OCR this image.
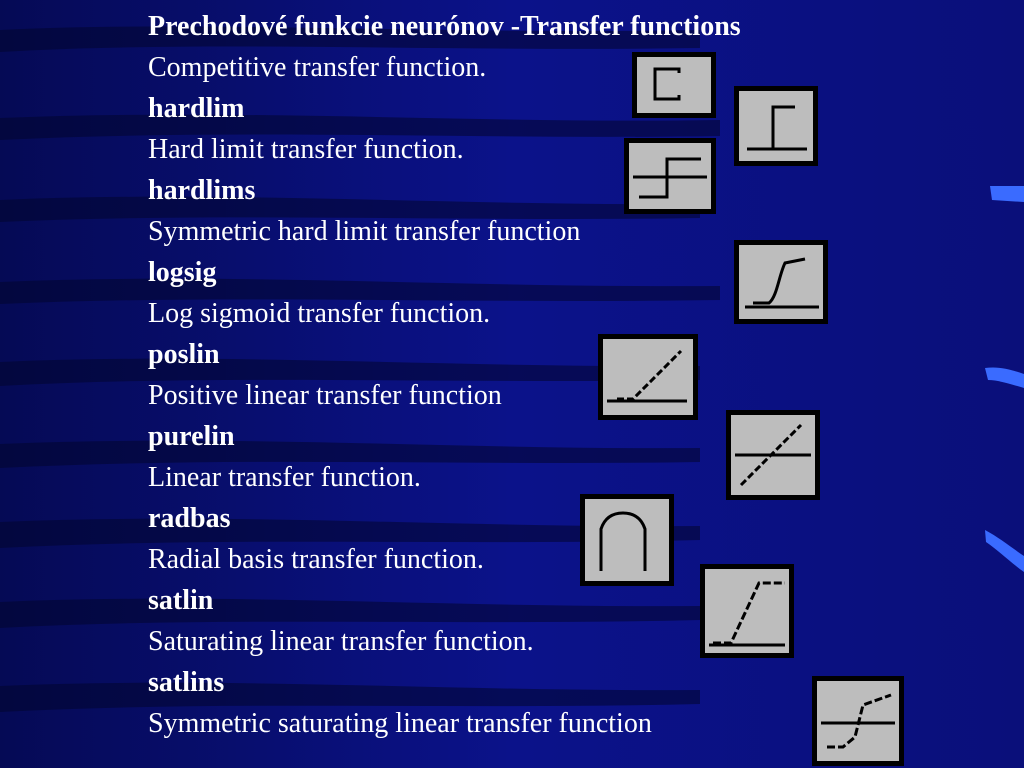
Prechodové funkcie neurónov -Transfer functions
Competitive transfer function.
hardlim
Hard limit transfer function.
hardlims
Symmetric hard limit transfer function
logsig
Log sigmoid transfer function.
poslin
Positive linear transfer function
purelin
Linear transfer function.
radbas
Radial basis transfer function.
satlin
Saturating linear transfer function.
satlins
Symmetric saturating linear transfer function
